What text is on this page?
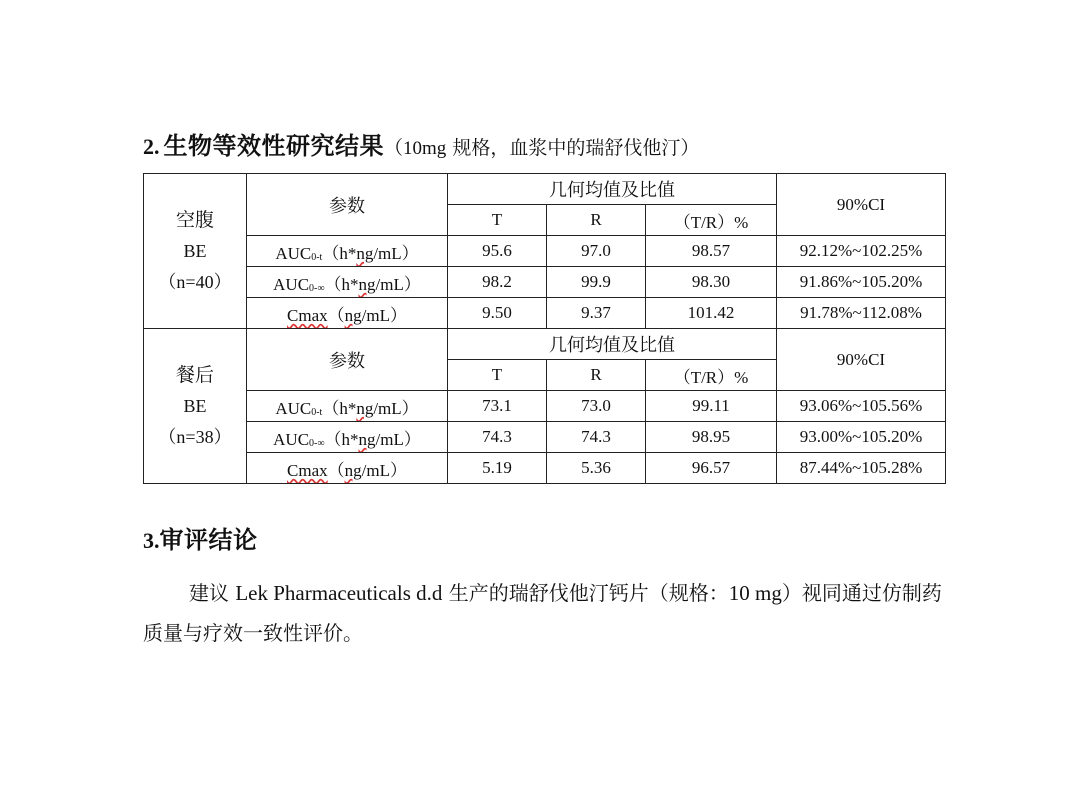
2. 生物等效性研究结果（10mg 规格，血浆中的瑞舒伐他汀）
空腹
BE
（n=40）	参数	几何均值及比值			90%CI
		T	R	（T/R）%	
	$AUC_{0-t}(h*ng/mL)$	95.6	97.0	98.57	92.12%~102.25%
	$AUC_{0-\infty}(h*ng/mL)$	98.2	99.9	98.30	91.86%~105.20%
	Cmax（ng/mL）	9.50	9.37	101.42	91.78%~112.08%
餐后
BE
（n=38）	参数	几何均值及比值			90%CI
		T	R	（T/R）%	
	$AUC_{0-t}(h*ng/mL)$	73.1	73.0	99.11	93.06%~105.56%
	$AUC_{0-\infty}(h*ng/mL)$	74.3	74.3	98.95	93.00%~105.20%
	Cmax（ng/mL）	5.19	5.36	96.57	87.44%~105.28%
3.审评结论
建议 Lek Pharmaceuticals d.d 生产的瑞舒伐他汀钙片（规格：10 mg）视同通过仿制药质量与疗效一致性评价。
